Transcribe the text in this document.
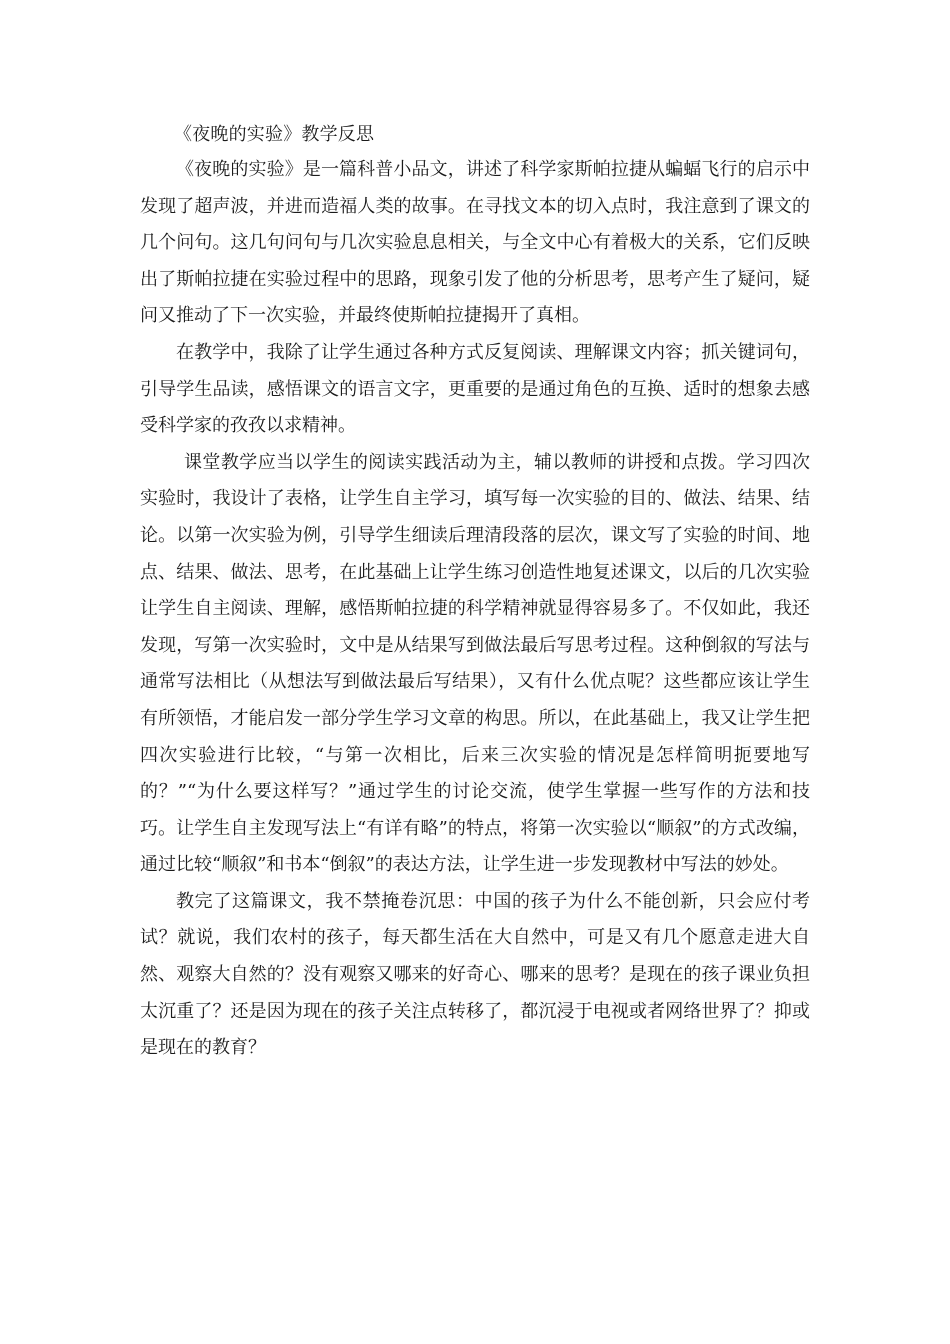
《夜晚的实验》教学反思

《夜晚的实验》是一篇科普小品文，讲述了科学家斯帕拉捷从蝙蝠飞行的启示中发现了超声波，并进而造福人类的故事。在寻找文本的切入点时，我注意到了课文的几个问句。这几句问句与几次实验息息相关，与全文中心有着极大的关系，它们反映出了斯帕拉捷在实验过程中的思路，现象引发了他的分析思考，思考产生了疑问，疑问又推动了下一次实验，并最终使斯帕拉捷揭开了真相。

在教学中，我除了让学生通过各种方式反复阅读、理解课文内容；抓关键词句，引导学生品读，感悟课文的语言文字，更重要的是通过角色的互换、适时的想象去感受科学家的孜孜以求精神。

课堂教学应当以学生的阅读实践活动为主，辅以教师的讲授和点拨。学习四次实验时，我设计了表格，让学生自主学习，填写每一次实验的目的、做法、结果、结论。以第一次实验为例，引导学生细读后理清段落的层次，课文写了实验的时间、地点、结果、做法、思考，在此基础上让学生练习创造性地复述课文，以后的几次实验让学生自主阅读、理解，感悟斯帕拉捷的科学精神就显得容易多了。不仅如此，我还发现，写第一次实验时，文中是从结果写到做法最后写思考过程。这种倒叙的写法与通常写法相比（从想法写到做法最后写结果），又有什么优点呢？这些都应该让学生有所领悟，才能启发一部分学生学习文章的构思。所以，在此基础上，我又让学生把四次实验进行比较，“与第一次相比，后来三次实验的情况是怎样简明扼要地写的？”“为什么要这样写？”通过学生的讨论交流，使学生掌握一些写作的方法和技巧。让学生自主发现写法上“有详有略”的特点，将第一次实验以“顺叙”的方式改编，通过比较“顺叙”和书本“倒叙”的表达方法，让学生进一步发现教材中写法的妙处。

教完了这篇课文，我不禁掩卷沉思：中国的孩子为什么不能创新，只会应付考试？就说，我们农村的孩子，每天都生活在大自然中，可是又有几个愿意走进大自然、观察大自然的？没有观察又哪来的好奇心、哪来的思考？是现在的孩子课业负担太沉重了？还是因为现在的孩子关注点转移了，都沉浸于电视或者网络世界了？抑或是现在的教育？
